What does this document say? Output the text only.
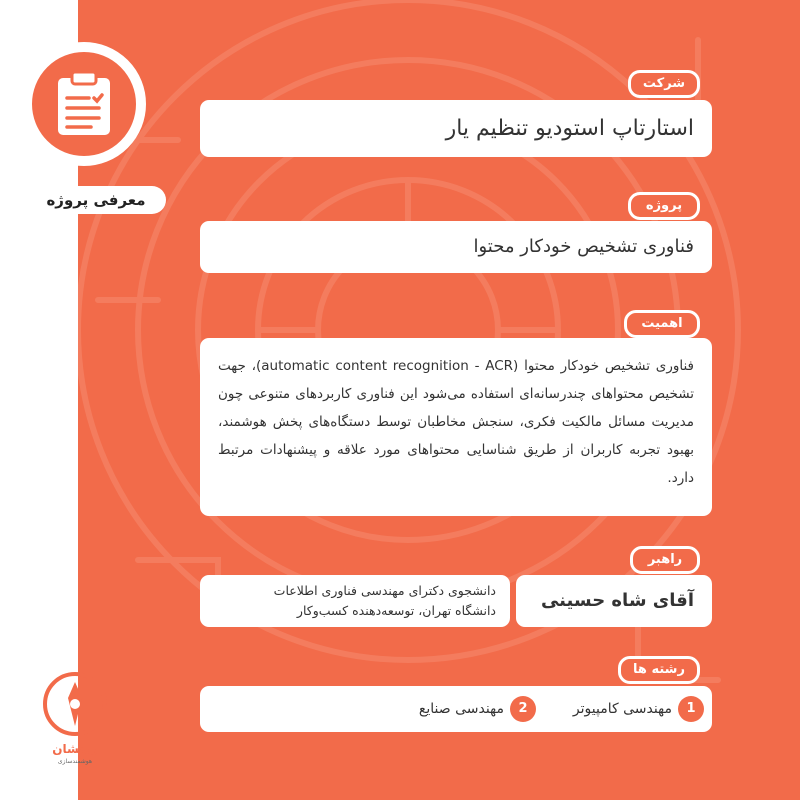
معرفی پروژه
ره‌نشان
هوشمندسازی
شرکت
استارتاپ استودیو تنظیم یار
پروژه
فناوری تشخیص خودکار محتوا
اهمیت
فناوری تشخیص خودکار محتوا (automatic content recognition - ACR)، جهت تشخیص محتواهای چندرسانه‌ای استفاده می‌شود این فناوری کاربردهای متنوعی چون مدیریت مسائل مالکیت فکری، سنجش مخاطبان توسط دستگاه‌های پخش هوشمند، بهبود تجربه کاربران از طریق شناسایی محتواهای مورد علاقه و پیشنهادات مرتبط دارد.
راهبر
آقای شاه حسینی
دانشجوی دکترای مهندسی فناوری اطلاعات
دانشگاه تهران، توسعه‌دهنده کسب‌وکار
رشته ها
1
مهندسی کامپیوتر
2
مهندسی صنایع
